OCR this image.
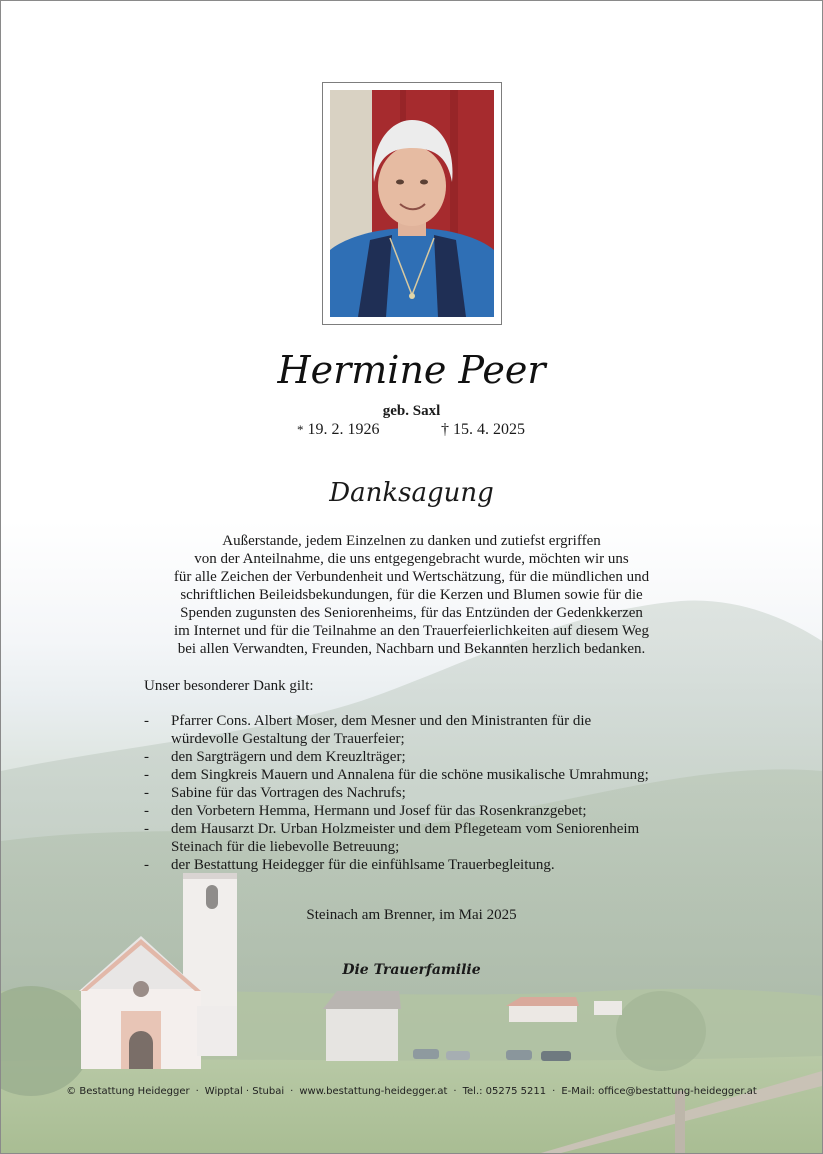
Hermine Peer
geb. Saxl
* 19. 2. 1926	† 15. 4. 2025
Danksagung
Außerstande, jedem Einzelnen zu danken und zutiefst ergriffen
von der Anteilnahme, die uns entgegengebracht wurde, möchten wir uns
für alle Zeichen der Verbundenheit und Wertschätzung, für die mündlichen und
schriftlichen Beileidsbekundungen, für die Kerzen und Blumen sowie für die
Spenden zugunsten des Seniorenheims, für das Entzünden der Gedenkkerzen
im Internet und für die Teilnahme an den Trauerfeierlichkeiten auf diesem Weg
bei allen Verwandten, Freunden, Nachbarn und Bekannten herzlich bedanken.
Unser besonderer Dank gilt:
- Pfarrer Cons. Albert Moser, dem Mesner und den Ministranten für die
würdevolle Gestaltung der Trauerfeier;
- den Sargträgern und dem Kreuzlträger;
- dem Singkreis Mauern und Annalena für die schöne musikalische Umrahmung;
- Sabine für das Vortragen des Nachrufs;
- den Vorbetern Hemma, Hermann und Josef für das Rosenkranzgebet;
- dem Hausarzt Dr. Urban Holzmeister und dem Pflegeteam vom Seniorenheim
Steinach für die liebevolle Betreuung;
- der Bestattung Heidegger für die einfühlsame Trauerbegleitung.
Steinach am Brenner, im Mai 2025
Die Trauerfamilie
© Bestattung Heidegger · Wipptal · Stubai · www.bestattung-heidegger.at · Tel.: 05275 5211 · E-Mail: office@bestattung-heidegger.at
